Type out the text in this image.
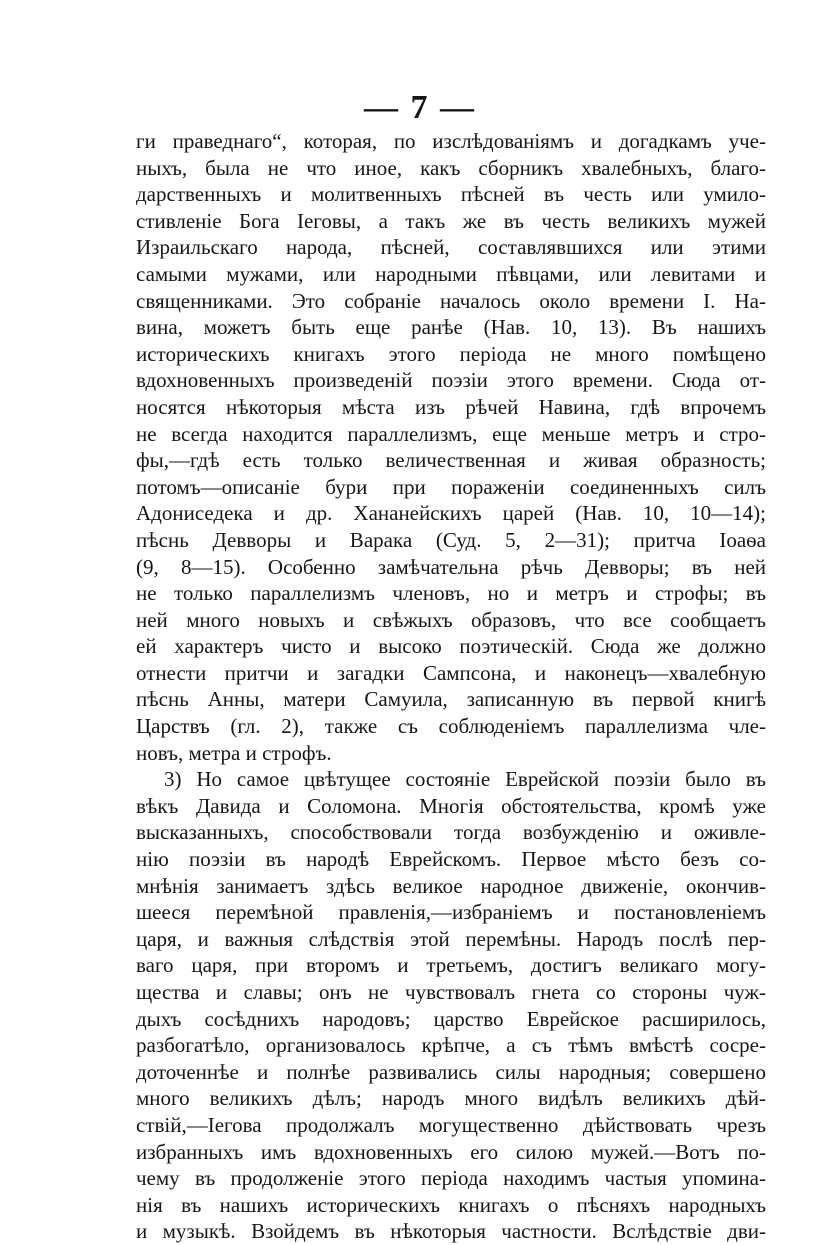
— 7 —
ги праведнаго“, которая, по изслѣдованіямъ и догадкамъ уче-
ныхъ, была не что иное, какъ сборникъ хвалебныхъ, благо-
дарственныхъ и молитвенныхъ пѣсней въ честь или умило-
стивленіе Бога Іеговы, а такъ же въ честь великихъ мужей
Израильскаго народа, пѣсней, составлявшихся или этими
самыми мужами, или народными пѣвцами, или левитами и
священниками. Это собраніе началось около времени І. На-
вина, можетъ быть еще ранѣе (Нав. 10, 13). Въ нашихъ
историческихъ книгахъ этого періода не много помѣщено
вдохновенныхъ произведеній поэзіи этого времени. Сюда от-
носятся нѣкоторыя мѣста изъ рѣчей Навина, гдѣ впрочемъ
не всегда находится параллелизмъ, еще меньше метръ и стро-
фы,—гдѣ есть только величественная и живая образность;
потомъ—описаніе бури при пораженіи соединенныхъ силъ
Адониседека и др. Хананейскихъ царей (Нав. 10, 10—14);
пѣснь Девворы и Варака (Суд. 5, 2—31); притча Іоаѳа
(9, 8—15). Особенно замѣчательна рѣчь Девворы; въ ней
не только параллелизмъ членовъ, но и метръ и строфы; въ
ней много новыхъ и свѣжыхъ образовъ, что все сообщаетъ
ей характеръ чисто и высоко поэтическій. Сюда же должно
отнести притчи и загадки Сампсона, и наконецъ—хвалебную
пѣснь Анны, матери Самуила, записанную въ первой книгѣ
Царствъ (гл. 2), также съ соблюденіемъ параллелизма чле-
новъ, метра и строфъ.
3) Но самое цвѣтущее состояніе Еврейской поэзіи было въ
вѣкъ Давида и Соломона. Многія обстоятельства, кромѣ уже
высказанныхъ, способствовали тогда возбужденію и оживле-
нію поэзіи въ народѣ Еврейскомъ. Первое мѣсто безъ со-
мнѣнія занимаетъ здѣсь великое народное движеніе, окончив-
шееся перемѣной правленія,—избраніемъ и постановленіемъ
царя, и важныя слѣдствія этой перемѣны. Народъ послѣ пер-
ваго царя, при второмъ и третьемъ, достигъ великаго могу-
щества и славы; онъ не чувствовалъ гнета со стороны чуж-
дыхъ сосѣднихъ народовъ; царство Еврейское расширилось,
разбогатѣло, организовалось крѣпче, а съ тѣмъ вмѣстѣ сосре-
доточеннѣе и полнѣе развивались силы народныя; совершено
много великихъ дѣлъ; народъ много видѣлъ великихъ дѣй-
ствій,—Іегова продолжалъ могущественно дѣйствовать чрезъ
избранныхъ имъ вдохновенныхъ его силою мужей.—Вотъ по-
чему въ продолженіе этого періода находимъ частыя упомина-
нія въ нашихъ историческихъ книгахъ о пѣсняхъ народныхъ
и музыкѣ. Взойдемъ въ нѣкоторыя частности. Вслѣдствіе дви-
